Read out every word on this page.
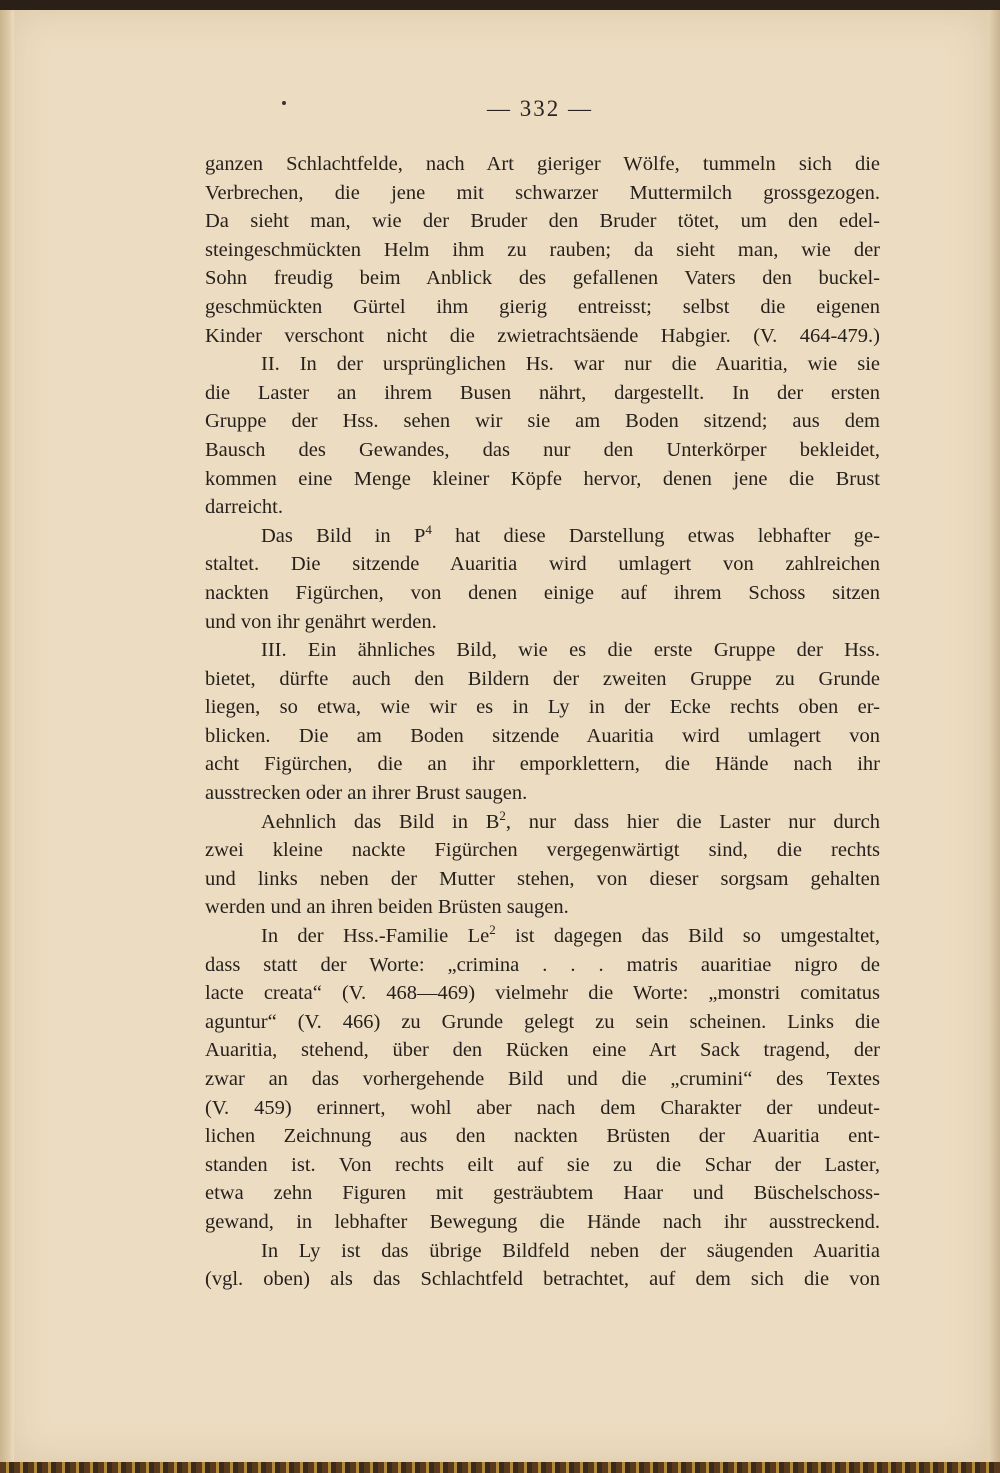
— 332 —
ganzen Schlachtfelde, nach Art gieriger Wölfe, tummeln sich die
Verbrechen, die jene mit schwarzer Muttermilch grossgezogen.
Da sieht man, wie der Bruder den Bruder tötet, um den edel-
steingeschmückten Helm ihm zu rauben; da sieht man, wie der
Sohn freudig beim Anblick des gefallenen Vaters den buckel-
geschmückten Gürtel ihm gierig entreisst; selbst die eigenen
Kinder verschont nicht die zwietrachtsäende Habgier. (V. 464-479.)
II. In der ursprünglichen Hs. war nur die Auaritia, wie sie
die Laster an ihrem Busen nährt, dargestellt. In der ersten
Gruppe der Hss. sehen wir sie am Boden sitzend; aus dem
Bausch des Gewandes, das nur den Unterkörper bekleidet,
kommen eine Menge kleiner Köpfe hervor, denen jene die Brust
darreicht.
Das Bild in $P^4$ hat diese Darstellung etwas lebhafter ge-
staltet. Die sitzende Auaritia wird umlagert von zahlreichen
nackten Figürchen, von denen einige auf ihrem Schoss sitzen
und von ihr genährt werden.
III. Ein ähnliches Bild, wie es die erste Gruppe der Hss.
bietet, dürfte auch den Bildern der zweiten Gruppe zu Grunde
liegen, so etwa, wie wir es in Ly in der Ecke rechts oben er-
blicken. Die am Boden sitzende Auaritia wird umlagert von
acht Figürchen, die an ihr emporklettern, die Hände nach ihr
ausstrecken oder an ihrer Brust saugen.
Aehnlich das Bild in $B^2$, nur dass hier die Laster nur durch
zwei kleine nackte Figürchen vergegenwärtigt sind, die rechts
und links neben der Mutter stehen, von dieser sorgsam gehalten
werden und an ihren beiden Brüsten saugen.
In der Hss.-Familie Le$^2$ ist dagegen das Bild so umgestaltet,
dass statt der Worte: „crimina . . . matris auaritiae nigro de
lacte creata“ (V. 468—469) vielmehr die Worte: „monstri comitatus
aguntur“ (V. 466) zu Grunde gelegt zu sein scheinen. Links die
Auaritia, stehend, über den Rücken eine Art Sack tragend, der
zwar an das vorhergehende Bild und die „crumini“ des Textes
(V. 459) erinnert, wohl aber nach dem Charakter der undeut-
lichen Zeichnung aus den nackten Brüsten der Auaritia ent-
standen ist. Von rechts eilt auf sie zu die Schar der Laster,
etwa zehn Figuren mit gesträubtem Haar und Büschelschoss-
gewand, in lebhafter Bewegung die Hände nach ihr ausstreckend.
In Ly ist das übrige Bildfeld neben der säugenden Auaritia
(vgl. oben) als das Schlachtfeld betrachtet, auf dem sich die von
